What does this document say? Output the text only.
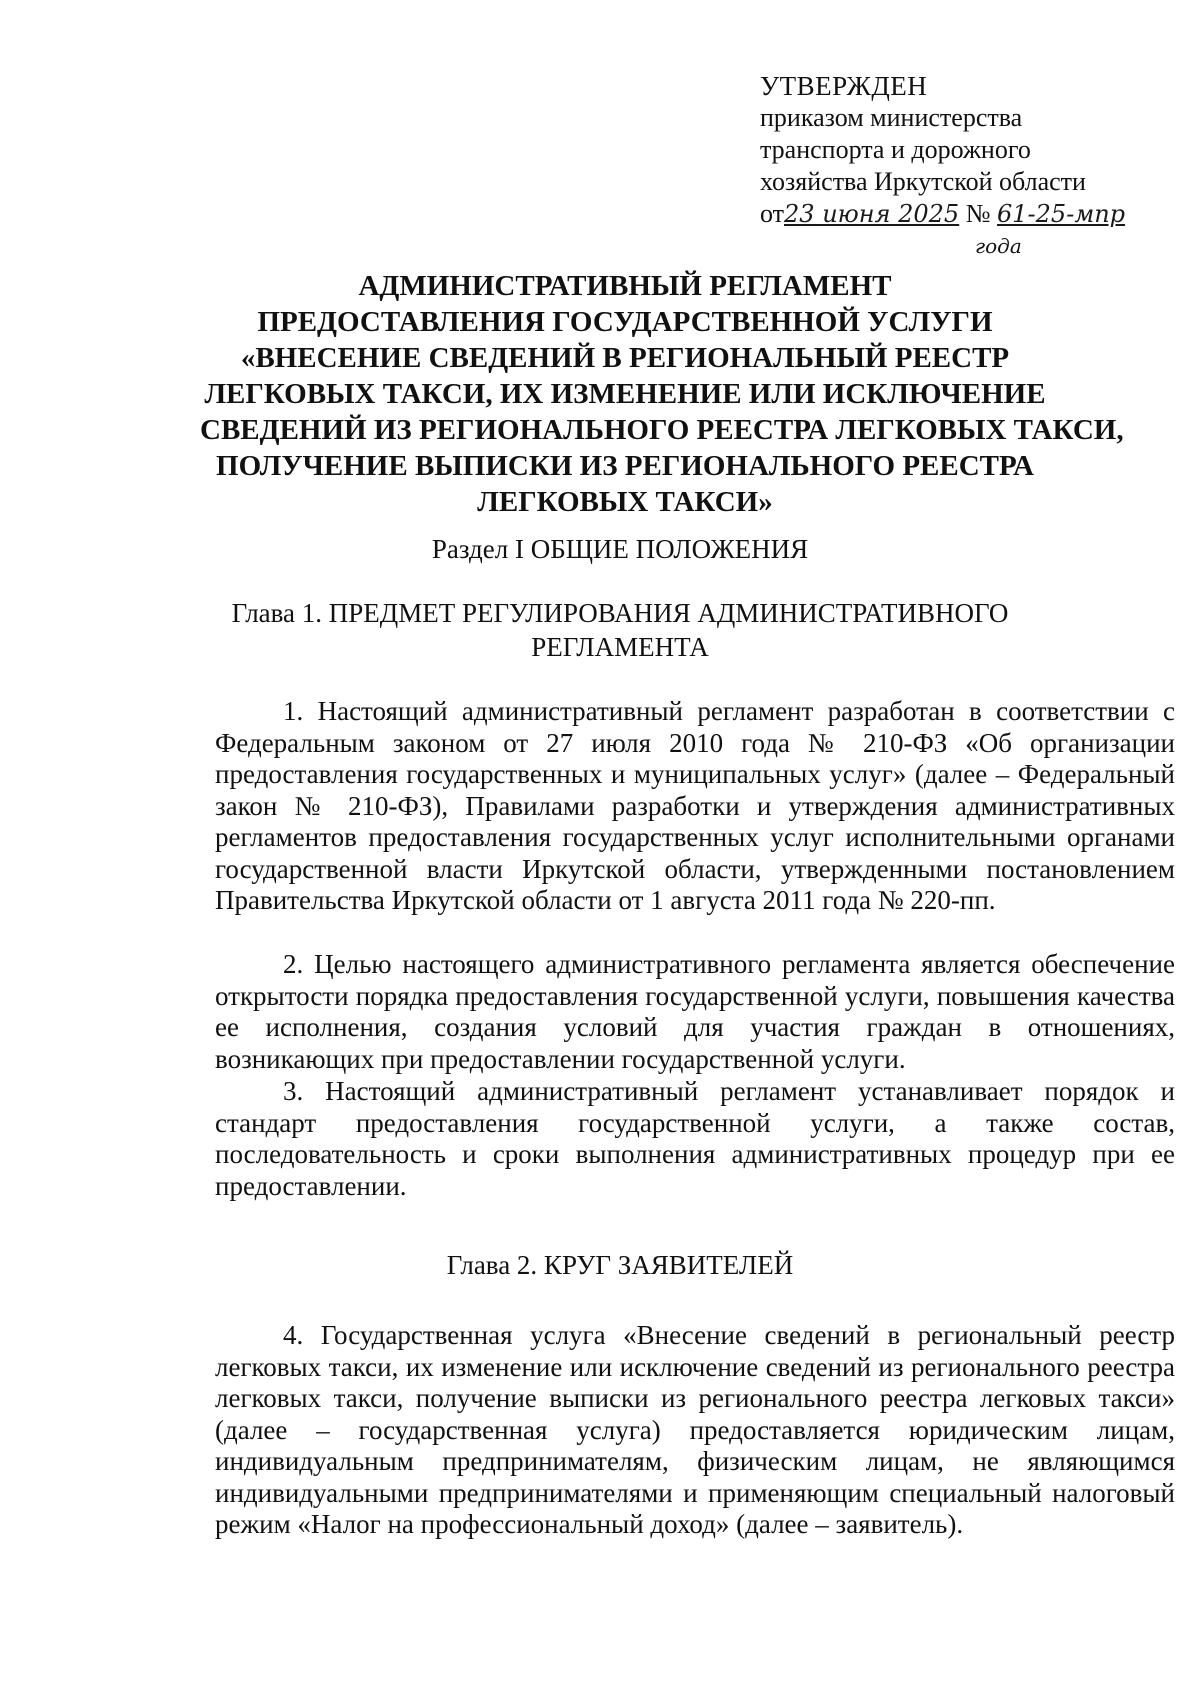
УТВЕРЖДЕН
приказом министерства
транспорта и дорожного
хозяйства Иркутской области
от23 июня 2025 № 61-25-мпр
года
АДМИНИСТРАТИВНЫЙ РЕГЛАМЕНТ
ПРЕДОСТАВЛЕНИЯ ГОСУДАРСТВЕННОЙ УСЛУГИ
«ВНЕСЕНИЕ СВЕДЕНИЙ В РЕГИОНАЛЬНЫЙ РЕЕСТР
ЛЕГКОВЫХ ТАКСИ, ИХ ИЗМЕНЕНИЕ ИЛИ ИСКЛЮЧЕНИЕ
СВЕДЕНИЙ ИЗ РЕГИОНАЛЬНОГО РЕЕСТРА ЛЕГКОВЫХ ТАКСИ,
ПОЛУЧЕНИЕ ВЫПИСКИ ИЗ РЕГИОНАЛЬНОГО РЕЕСТРА
ЛЕГКОВЫХ ТАКСИ»
Раздел I ОБЩИЕ ПОЛОЖЕНИЯ
Глава 1. ПРЕДМЕТ РЕГУЛИРОВАНИЯ АДМИНИСТРАТИВНОГО
РЕГЛАМЕНТА
1. Настоящий административный регламент разработан в соответствии с Федеральным законом от 27 июля 2010 года № 210-ФЗ «Об организации предоставления государственных и муниципальных услуг» (далее – Федеральный закон № 210-ФЗ), Правилами разработки и утверждения административных регламентов предоставления государственных услуг исполнительными органами государственной власти Иркутской области, утвержденными постановлением Правительства Иркутской области от 1 августа 2011 года № 220-пп.
2. Целью настоящего административного регламента является обеспечение открытости порядка предоставления государственной услуги, повышения качества ее исполнения, создания условий для участия граждан в отношениях, возникающих при предоставлении государственной услуги.
3. Настоящий административный регламент устанавливает порядок и стандарт предоставления государственной услуги, а также состав, последовательность и сроки выполнения административных процедур при ее предоставлении.
Глава 2. КРУГ ЗАЯВИТЕЛЕЙ
4. Государственная услуга «Внесение сведений в региональный реестр легковых такси, их изменение или исключение сведений из регионального реестра легковых такси, получение выписки из регионального реестра легковых такси» (далее – государственная услуга) предоставляется юридическим лицам, индивидуальным предпринимателям, физическим лицам, не являющимся индивидуальными предпринимателями и применяющим специальный налоговый режим «Налог на профессиональный доход» (далее – заявитель).
